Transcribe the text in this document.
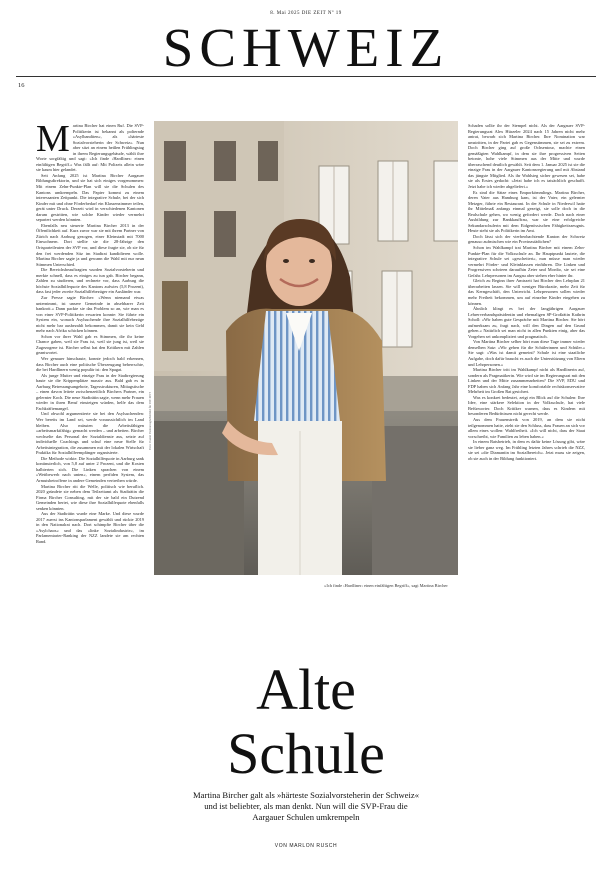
8. Mai 2025 DIE ZEIT Nº 19
SCHWEIZ
16

Martina Bircher hat einen Ruf. Die SVP-Politikerin ist bekannt als polternde »Asylbanditen«, als »härteste Sozialvorsteherin der Schweiz«. Nun aber sitzt an einem heißen Frühlingstag in ihrem Regierungsgebäude, wählt ihre Worte sorgfältig und sagt: »Ich finde ›Hardliner‹ einen einfältigen Begriff.« Was fällt auf: Mit Polizeis allein wäre sie kaum hier gelandet.

Seit Anfang 2025 ist Martina Bircher Aargauer Bildungsdirektorin, und sie hat sich einiges vorgenommen: Mit einem Zehn-Punkte-Plan will sie die Schulen des Kantons umkrempeln. Das Papier kommt zu einem interessanten Zeitpunkt. Die integrative Schule, bei der sich Kinder mit und ohne Förderbedarf ein Klassenzimmer teilen, gerät unter Druck. Derzeit wird in verschiedenen Kantonen darum gestritten, wie solche Kinder wieder vermehrt separiert werden könnten.

Ebenfalls neu steuerte Martina Bircher 2013 in der Öffentlichkeit auf. Kurz zuvor war sie mit ihrem Partner von Zürich nach Aarburg gezogen, einer Kleinstadt mit 7000 Einwohnern. Dort stellte sie die 28-Jährige den Ortsparteileuten der SVP vor, und diese fragte sie, ob sie für den frei werdenden Sitz im Stadtrat kandidieren wolle. Martina Bircher sagte ja und gewann die Wahl mit nur neun Stimmen Unterschied.

Die Bereichsbeauftragten wurden Sozialvorsteherin und merkte schnell, dass es einiges zu tun gab. Bircher begann, Zahlen zu studieren, und rechnete vor, dass Aarburg die höchste Sozialhilfequote des Kantons aufwies (5,8 Prozent), dass fast jeder zweite Sozialhilfebezüger ein Ausländer war.

Zur Presse sagte Bircher: »Wenn niemand etwas unternimmt, ist unsere Gemeinde in absehbarer Zeit bankrott.« Dann packte sie das Problem so an, wie man es von einer SVP-Politikerin erwarten konnte: Sie führte ein System ein, wonach Asylsuchende ihre Sozialhilfebezüge nicht mehr bar ausbezahlt bekommen, damit sie kein Geld mehr nach Afrika schicken können.

Schon vor ihrer Wahl gab es Stimmen, die ihr keine Chance gaben, weil sie Frau ist, weil sie jung ist, weil sie Zugezogene ist. Bircher selbst hat den Kritikern mit Zahlen geantwortet.

Wer genauer hinschaute, konnte jedoch bald erkennen, dass Bircher auch eine politische Überzeugung beherrschte, die bei Hardlinern wenig populär ist: den Spagat.

Als junge Mutter und einzige Frau in der Stadtregierung baute sie die Krippenplätze massiv aus. Bald gab es in Aarburg Betreuungsangebote, Tagesstrukturen, Mittagstische – einen davon leitete zwischenzeitlich Birchers Partner, ein gelernter Koch. Die neue Stadträtin sagte, wenn mehr Frauen wieder in ihren Beruf einsteigen würden, helfe das dem Fachkräftemangel.

Und obwohl argumentierte sie bei den Asylsuchenden: Wer bereits im Land sei, werde voraussichtlich im Land bleiben. Also müssten die Arbeitsfähigen »arbeitsmarktfähig« gemacht werden – und arbeiten. Bircher wechselte das Personal der Sozialdienste aus, setzte auf individuelle Coachings und schuf eine neue Stelle für Arbeitsintegration, die zusammen mit der lokalen Wirtschaft Praktika für Sozialhilfeempfänger organisierte.

Die Methode wirkte. Die Sozialhilfequote in Aarburg sank kontinuierlich, von 5,8 auf unter 2 Prozent, und die Kosten halbierten sich. Die Linken sprachen von einem »Wettbewerb nach unten«, einem perfiden System, das Armutsbetroffene in andere Gemeinden vertreiben würde.

Martina Bircher ritt die Welle, politisch wie beruflich. 2020 gründete sie neben dem Teilzeitamt als Stadträtin die Firma Bircher Consulting, mit der sie bald ein Dutzend Gemeinden beriet, wie diese ihre Sozialhilfequote ebenfalls senken könnten.

Aus der Stadträtin wurde eine Marke. Und diese wurde 2017 zuerst ins Kantonsparlament gewählt und rückte 2019 in den Nationalrat nach. Dort schimpfte Bircher über die »Asylchaos« und das »linke Sozialindustrie«, im Parlamentarier-Ranking der NZZ landete sie am rechten Rand.

Foto: Daniel Desborough/Zeitbild für DIE ZEIT
»Ich finde ›Hardliner‹ einen einfältigen Begriff«, sagt Martina Bircher

Schaden sollte ihr der Stempel nicht. Als der Aargauer SVP-Regierungsrat Alex Hürzeler 2024 nach 15 Jahren nicht mehr antrat, bewarb sich Martina Bircher. Ihre Nomination war umstritten, in der Partei gab es Gegenstimmen, sie sei zu extrem. Doch Bircher ging auf große Ochsentour, machte einen gemäßigten Wahlkampf, in dem sie ihre progressiven Seiten betonte, hohe viele Stimmen aus der Mitte und wurde überraschend deutlich gewählt. Seit dem 1. Januar 2025 ist sie die einzige Frau in der Aargauer Kantonsregierung und mit Abstand das jüngste Mitglied. Als ihr Wahlsieg sicher gewesen sei, habe sie als Erstes gedacht: »Jetzt habe ich es tatsächlich geschafft. Jetzt habe ich wieder abgeliefert.«

Es sind die Sätze eines Emporkömmlings. Martina Bircher, deren Vater aus Hamburg kam, ist der Vater, ein gelernter Metzger, führte ein Restaurant. In der Schule in Niederwil hatte ihr Mittelmaß anfangs einmal gezeigt, sie solle doch in die Realschule gehen, wo wenig gefordert werde. Doch nach einer Ausbildung zur Bankkauffrau, war sie eine erfolgreiche Sekundarschulerin mit dem Eidgenössischen Fähigkeitszeugnis. Heute steht sie als Politikerin im Amt.

Doch lässt sich der vierbeobachtende Kanton der Schweiz genauso aufmischen wie ein Provinzstädtchen?

Schon im Wahlkampf trat Martina Bircher mit einem Zehn-Punkte-Plan für die Volksschule an. Ihr Hauptpunkt lautete, die integrative Schule sei »gescheitert«, nun müsse man wieder vermehrt Förder- und Kleinklassen einführen. Die Linken und Progressiven schrieen daraufhin Zeter und Mordio, sie sei eine Gefahr. Lehrpersonen im Aargau aber stehen eher hinter ihr.

Gleich zu Beginn ihrer Amtszeit hat Bircher den Lehrplan 21 überarbeiten lassen. Sie will weniger Bürokratie, mehr Zeit für das Kerngeschäft, den Unterricht. Lehrpersonen sollen wieder mehr Freiheit bekommen, um auf einzelne Kinder eingehen zu können.

Ähnlich klingt es bei der langjährigen Aargauer Lehrerverbandspräsidentin und ehemaligen SP-Großrätin Kathrin Scholl: »Wir haben gute Gespräche mit Martina Bircher. Sie hört aufmerksam zu, fragt nach, will den Dingen auf den Grund gehen.« Natürlich sei man nicht in allen Punkten einig, aber das Vorgehen sei unkompliziert und pragmatisch.

Von Martina Bircher selber hört man diese Tage immer wieder denselben Satz: »Wir gehen für die Schülerinnen und Schüler.« Sie sagt: »Was ist damit gemeint? Schule ist eine staatliche Aufgabe, doch dafür braucht es auch die Unterstützung von Eltern und Lehrpersonen.«

Martina Bircher tritt im Wahlkampf nicht als Hardlinerin auf, sondern als Pragmatikerin. Wie wird sie im Regierungsrat mit den Linken und der Mitte zusammenarbeiten? Die SVP, EDU und FDP haben sich Anfang Jahr eine komfortable rechtskonservative Mehrheit im Großen Rat gesichert.

Was es konkret bedeutet, zeigt ein Blick auf die Schulen: Ihre Idee, eine stärkere Selektion in der Volksschule, hat viele Befürworter. Doch Kritiker warnen, dass es Kindern mit besonderen Bedürfnissen nicht gerecht werde.

Aus dem Frauenstreik von 2019, an dem sie nicht teilgenommen hatte, zieht sie den Schluss, dass Frauen an sich vor allem eines wollen: Wahlfreiheit. »Ich will nicht, dass der Staat vorschreibt, wie Familien zu leben haben.«

In einem Ratsbetrieb, in dem es dafür keine Lösung gibt, wäre sie lieber ganz weg. Im Frühling letzten Jahres schrieb die NZZ, sie sei »die Diamantin im Sozialbereich«. Jetzt muss sie zeigen, ob sie auch in der Bildung funktioniert.

Alte
Schule
Martina Bircher galt als »härteste Sozialvorsteherin der Schweiz« und ist beliebter, als man denkt. Nun will die SVP-Frau die Aargauer Schulen umkrempeln
VON MARLON RUSCH
